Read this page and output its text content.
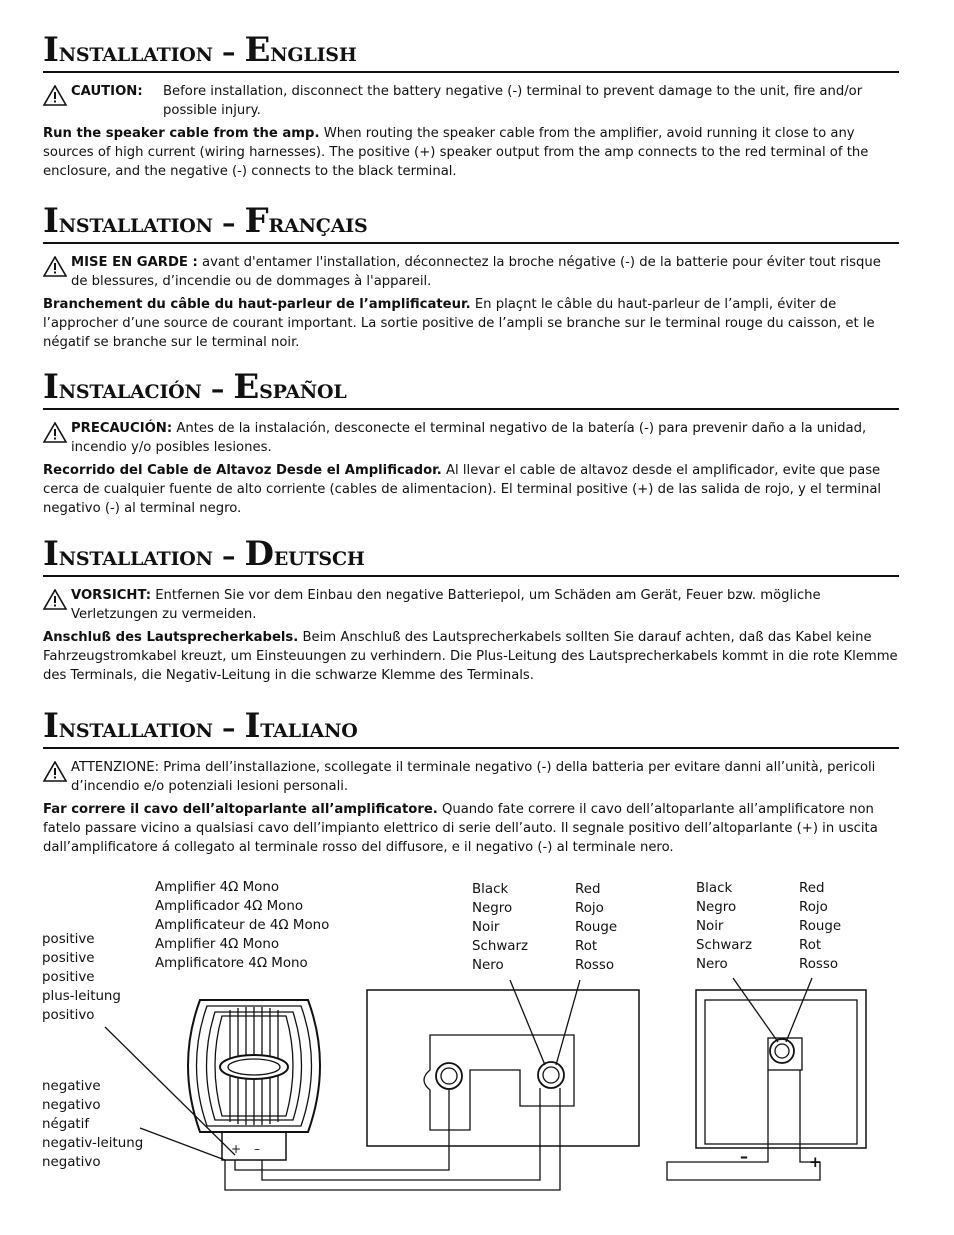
Installation – English
CAUTION:	Before installation, disconnect the battery negative (-) terminal to prevent damage to the unit, fire and/or possible injury.
Run the speaker cable from the amp. When routing the speaker cable from the amplifier, avoid running it close to any sources of high current (wiring harnesses). The positive (+) speaker output from the amp connects to the red terminal of the enclosure, and the negative (-) connects to the black terminal.
Installation – Français
MISE EN GARDE : avant d'entamer l'installation, déconnectez la broche négative (-) de la batterie pour éviter tout risque de blessures, d’incendie ou de dommages à l'appareil.
Branchement du câble du haut-parleur de l’amplificateur. En plaçnt le câble du haut-parleur de l’ampli, éviter de l’approcher d’une source de courant important. La sortie positive de l’ampli se branche sur le terminal rouge du caisson, et le négatif se branche sur le terminal noir.
Instalación – Español
PRECAUCIÓN: Antes de la instalación, desconecte el terminal negativo de la batería (-) para prevenir daño a la unidad, incendio y/o posibles lesiones.
Recorrido del Cable de Altavoz Desde el Amplificador. Al llevar el cable de altavoz desde el amplificador, evite que pase cerca de cualquier fuente de alto corriente (cables de alimentacion). El terminal positive (+) de las salida de rojo, y el terminal negativo (-) al terminal negro.
Installation – Deutsch
VORSICHT: Entfernen Sie vor dem Einbau den negative Batteriepol, um Schäden am Gerät, Feuer bzw. mögliche Verletzungen zu vermeiden.
Anschluß des Lautsprecherkabels. Beim Anschluß des Lautsprecherkabels sollten Sie darauf achten, daß das Kabel keine Fahrzeugstromkabel kreuzt, um Einsteuungen zu verhindern. Die Plus-Leitung des Lautsprecherkabels kommt in die rote Klemme des Terminals, die Negativ-Leitung in die schwarze Klemme des Terminals.
Installation – Italiano
ATTENZIONE: Prima dell’installazione, scollegate il terminale negativo (-) della batteria per evitare danni all’unità, pericoli d’incendio e/o potenziali lesioni personali.
Far correre il cavo dell’altoparlante all’amplificatore. Quando fate correre il cavo dell’altoparlante all’amplificatore non fatelo passare vicino a qualsiasi cavo dell’impianto elettrico di serie dell’auto. Il segnale positivo dell’altoparlante (+) in uscita dall’amplificatore á collegato al terminale rosso del diffusore, e il negativo (-) al terminale nero.
Amplifier 4Ω Mono
Amplificador 4Ω Mono
Amplificateur de 4Ω Mono
Amplifier 4Ω Mono
Amplificatore 4Ω Mono
positive
positive
positive
plus-leitung
positivo
negative
negativo
négatif
negativ-leitung
negativo
Black
Negro
Noir
Schwarz
Nero
Red
Rojo
Rouge
Rot
Rosso
Black
Negro
Noir
Schwarz
Nero
Red
Rojo
Rouge
Rot
Rosso
+ –	–	+
